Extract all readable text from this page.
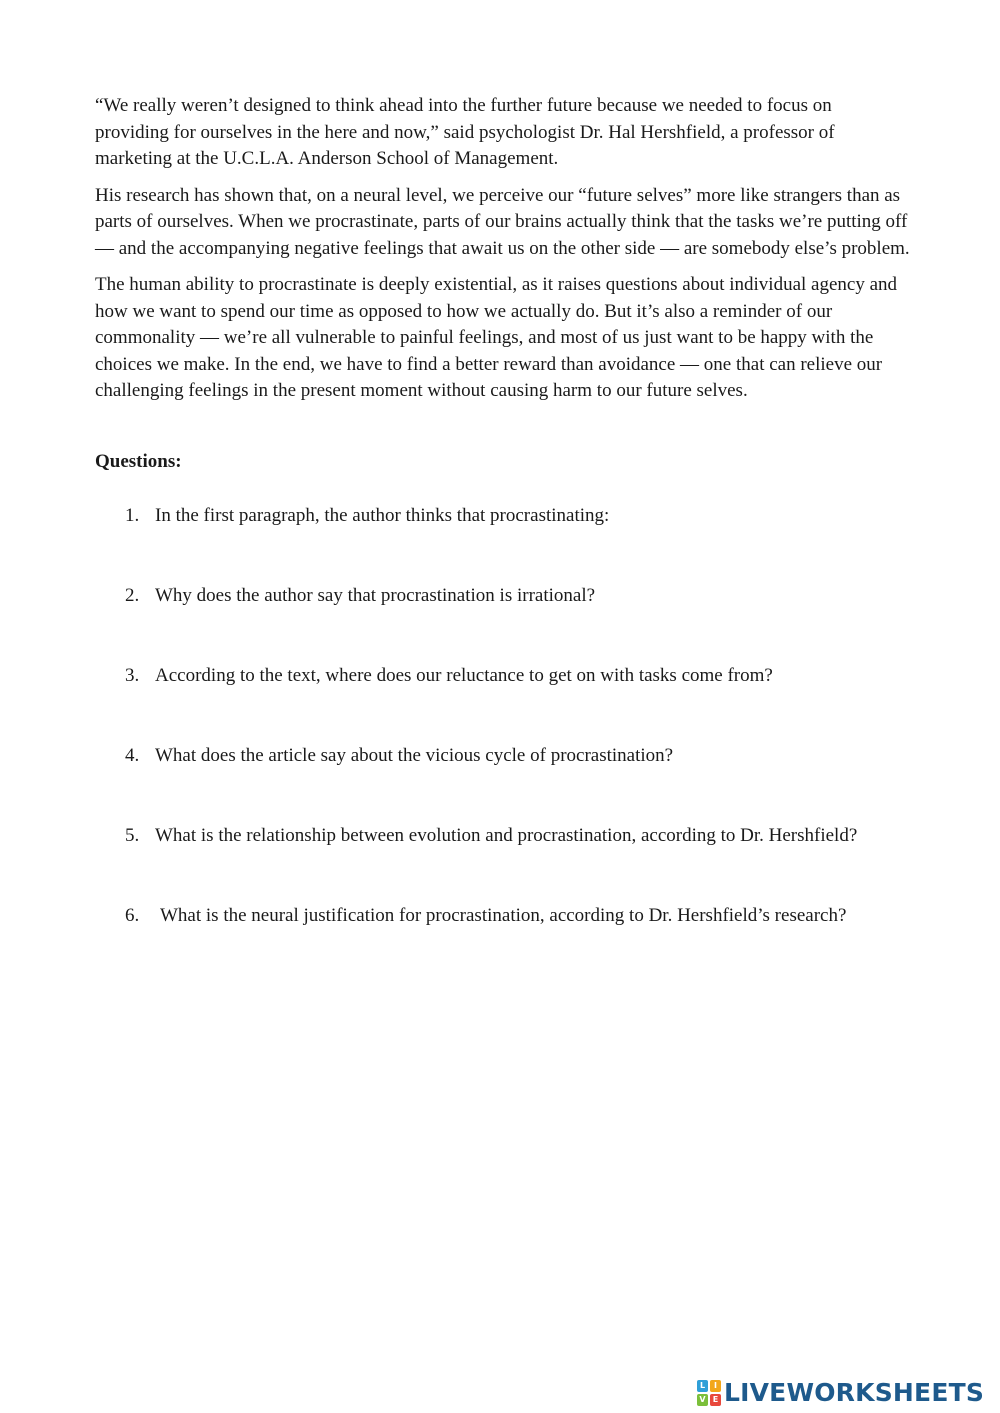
“We really weren’t designed to think ahead into the further future because we needed to focus on providing for ourselves in the here and now,” said psychologist Dr. Hal Hershfield, a professor of marketing at the U.C.L.A. Anderson School of Management.

His research has shown that, on a neural level, we perceive our “future selves” more like strangers than as parts of ourselves. When we procrastinate, parts of our brains actually think that the tasks we’re putting off — and the accompanying negative feelings that await us on the other side — are somebody else’s problem.

The human ability to procrastinate is deeply existential, as it raises questions about individual agency and how we want to spend our time as opposed to how we actually do. But it’s also a reminder of our commonality — we’re all vulnerable to painful feelings, and most of us just want to be happy with the choices we make. In the end, we have to find a better reward than avoidance — one that can relieve our challenging feelings in the present moment without causing harm to our future selves.

Questions:
1. In the first paragraph, the author thinks that procrastinating:
2. Why does the author say that procrastination is irrational?
3. According to the text, where does our reluctance to get on with tasks come from?
4. What does the article say about the vicious cycle of procrastination?
5. What is the relationship between evolution and procrastination, according to Dr. Hershfield?
6.	What is the neural justification for procrastination, according to Dr. Hershfield’s research?
L	I
V E LIVEWORKSHEETS
